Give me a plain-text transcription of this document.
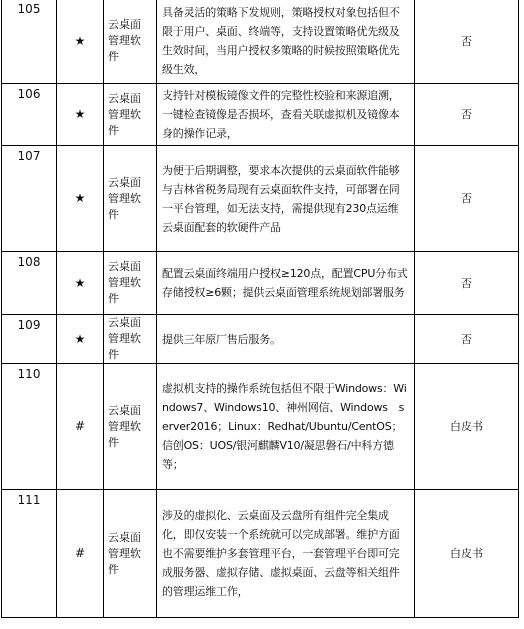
105	★	云桌面管理软件	具备灵活的策略下发规则，策略授权对象包括但不限于用户、桌面、终端等，支持设置策略优先级及生效时间，当用户授权多策略的时候按照策略优先级生效，	否
106	★	云桌面管理软件	支持针对模板镜像文件的完整性校验和来源追溯，一键检查镜像是否损坏，查看关联虚拟机及镜像本身的操作记录，	否
107	★	云桌面管理软件	为便于后期调整，要求本次提供的云桌面软件能够与吉林省税务局现有云桌面软件支持，可部署在同一平台管理，如无法支持，需提供现有230点运维云桌面配套的软硬件产品	否
108	★	云桌面管理软件	配置云桌面终端用户授权≥120点，配置CPU分布式存储授权≥6颗；提供云桌面管理系统规划部署服务	否
109	★	云桌面管理软件	提供三年原厂售后服务。	否
110	#	云桌面管理软件	虚拟机支持的操作系统包括但不限于Windows：Windows7、Windows10、神州网信、Windows　server2016；Linux：Redhat/Ubuntu/CentOS；信创OS：UOS/银河麒麟V10/凝思磐石/中科方德等；	白皮书
111	#	云桌面管理软件	涉及的虚拟化、云桌面及云盘所有组件完全集成化，即仅安装一个系统就可以完成部署。维护方面也不需要维护多套管理平台，一套管理平台即可完成服务器、虚拟存储、虚拟桌面、云盘等相关组件的管理运维工作，	白皮书
